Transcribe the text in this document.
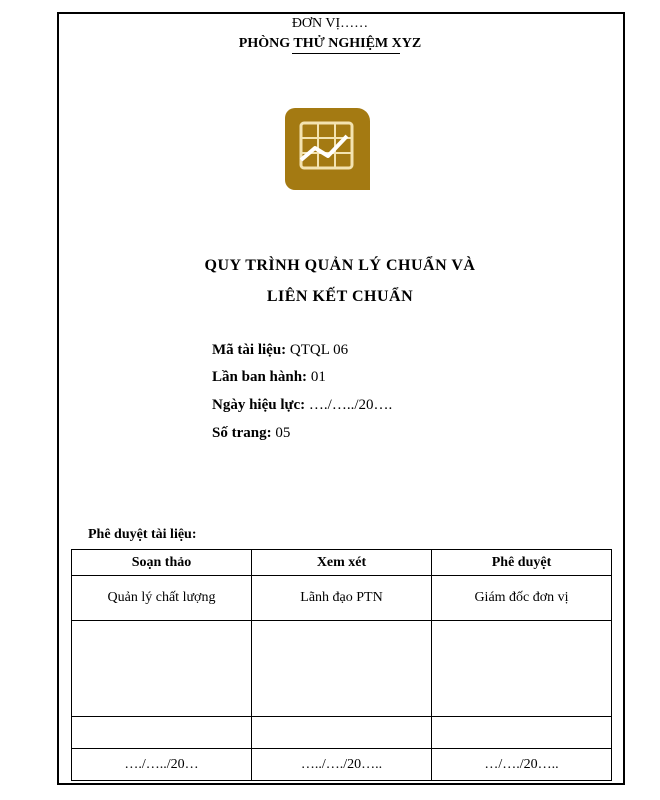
ĐƠN VỊ……
PHÒNG THỬ NGHIỆM XYZ
QUY TRÌNH QUẢN LÝ CHUẨN VÀ
LIÊN KẾT CHUẨN
Mã tài liệu: QTQL 06
Lần ban hành: 01
Ngày hiệu lực: …./…../20….
Số trang: 05
Phê duyệt tài liệu:
Soạn thảo	Xem xét	Phê duyệt
Quản lý chất lượng	Lãnh đạo PTN	Giám đốc đơn vị

…./…../20…	…../…./20…..	…/…./20…..
